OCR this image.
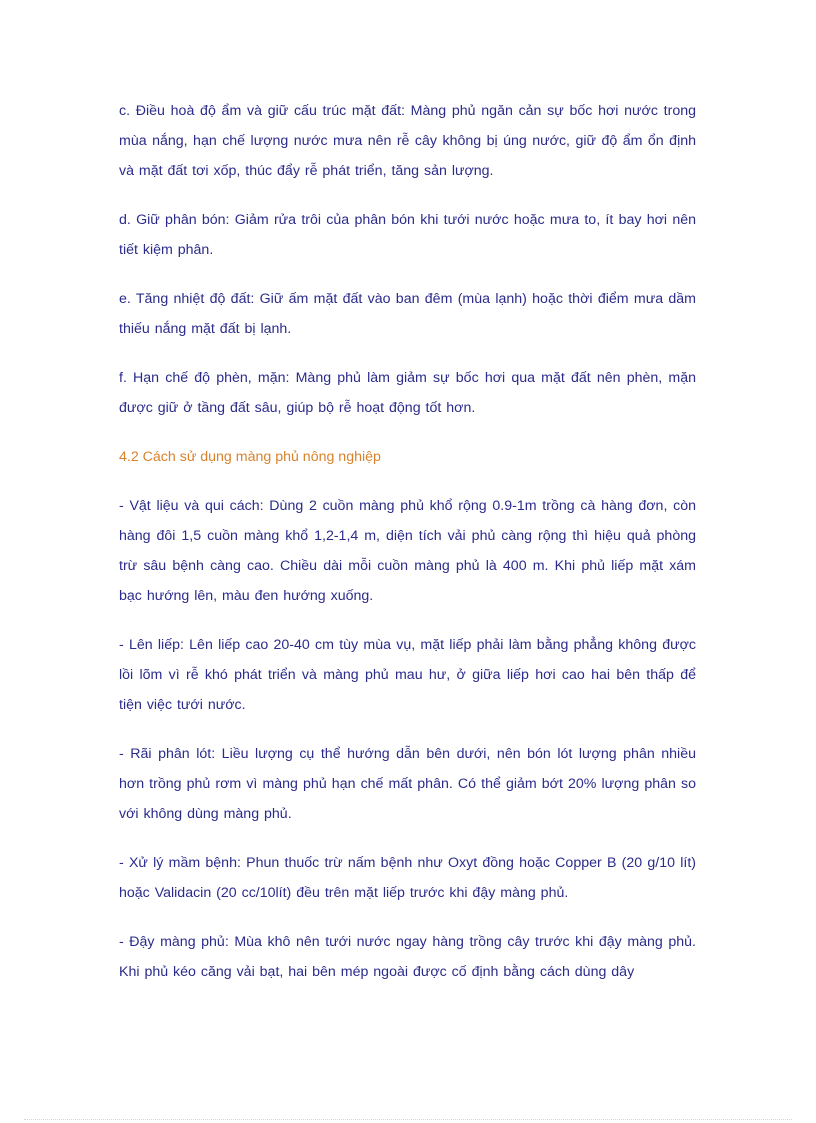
c. Điều hoà độ ẩm và giữ cấu trúc mặt đất: Màng phủ ngăn cản sự bốc hơi nước trong mùa nắng, hạn chế lượng nước mưa nên rễ cây không bị úng nước, giữ độ ẩm ổn định và mặt đất tơi xốp, thúc đẩy rễ phát triển, tăng sản lượng.

d. Giữ phân bón: Giảm rửa trôi của phân bón khi tưới nước hoặc mưa to, ít bay hơi nên tiết kiệm phân.

e. Tăng nhiệt độ đất: Giữ ấm mặt đất vào ban đêm (mùa lạnh) hoặc thời điểm mưa dầm thiếu nắng mặt đất bị lạnh.

f. Hạn chế độ phèn, mặn: Màng phủ làm giảm sự bốc hơi qua mặt đất nên phèn, mặn được giữ ở tầng đất sâu, giúp bộ rễ hoạt động tốt hơn.

4.2 Cách sử dụng màng phủ nông nghiệp

- Vật liệu và qui cách: Dùng 2 cuồn màng phủ khổ rộng 0.9-1m trồng cà hàng đơn, còn hàng đôi 1,5 cuồn màng khổ 1,2-1,4 m, diện tích vải phủ càng rộng thì hiệu quả phòng trừ sâu bệnh càng cao. Chiều dài mỗi cuồn màng phủ là 400 m. Khi phủ liếp mặt xám bạc hướng lên, màu đen hướng xuống.

- Lên liếp: Lên liếp cao 20-40 cm tùy mùa vụ, mặt liếp phải làm bằng phẳng không được lồi lõm vì rễ khó phát triển và màng phủ mau hư, ở giữa liếp hơi cao hai bên thấp để tiện việc tưới nước.

- Rãi phân lót: Liều lượng cụ thể hướng dẫn bên dưới, nên bón lót lượng phân nhiều hơn trồng phủ rơm vì màng phủ hạn chế mất phân. Có thể giảm bớt 20% lượng phân so với không dùng màng phủ.

- Xử lý mầm bệnh: Phun thuốc trừ nấm bệnh như Oxyt đồng hoặc Copper B (20 g/10 lít) hoặc Validacin (20 cc/10lít) đều trên mặt liếp trước khi đậy màng phủ.

- Đậy màng phủ: Mùa khô nên tưới nước ngay hàng trồng cây trước khi đậy màng phủ. Khi phủ kéo căng vải bạt, hai bên mép ngoài được cố định bằng cách dùng dây
